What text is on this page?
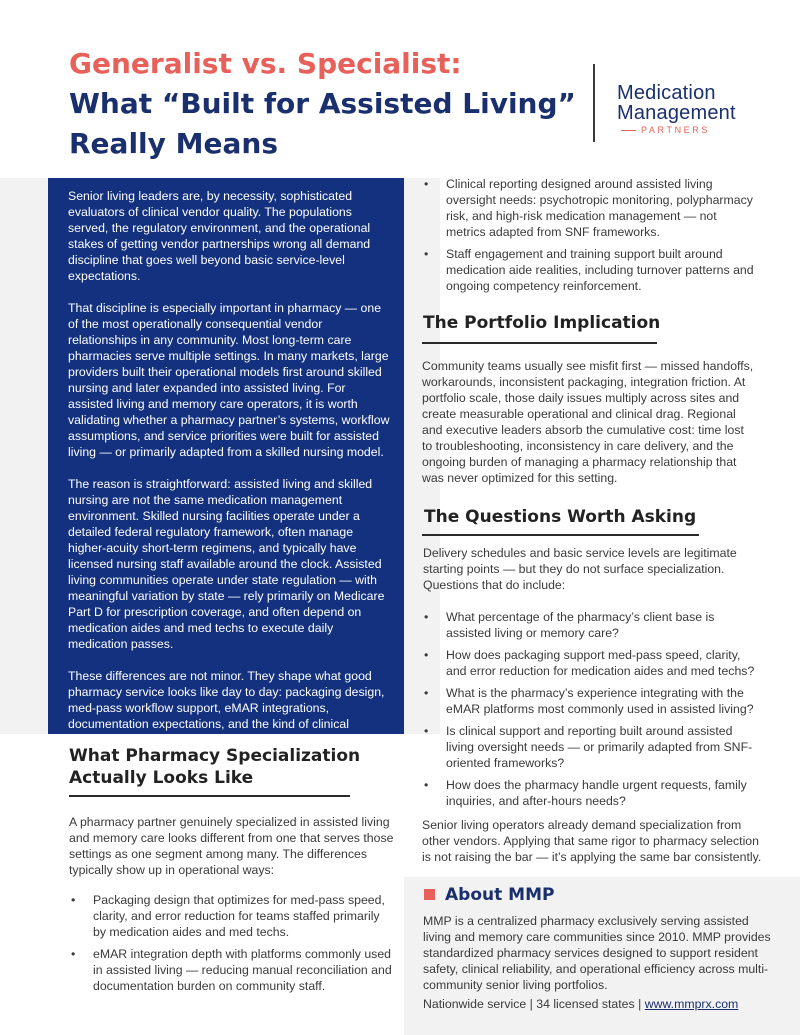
Generalist vs. Specialist:
What “Built for Assisted Living”
Really Means
Medication
Management
PARTNERS

Senior living leaders are, by necessity, sophisticated evaluators of clinical vendor quality. The populations served, the regulatory environment, and the operational stakes of getting vendor partnerships wrong all demand discipline that goes well beyond basic service-level expectations.

That discipline is especially important in pharmacy — one of the most operationally consequential vendor relationships in any community. Most long-term care pharmacies serve multiple settings. In many markets, large providers built their operational models first around skilled nursing and later expanded into assisted living. For assisted living and memory care operators, it is worth validating whether a pharmacy partner’s systems, workflow assumptions, and service priorities were built for assisted living — or primarily adapted from a skilled nursing model.

The reason is straightforward: assisted living and skilled nursing are not the same medication management environment. Skilled nursing facilities operate under a detailed federal regulatory framework, often manage higher-acuity short-term regimens, and typically have licensed nursing staff available around the clock. Assisted living communities operate under state regulation — with meaningful variation by state — rely primarily on Medicare Part D for prescription coverage, and often depend on medication aides and med techs to execute daily medication passes.

These differences are not minor. They shape what good pharmacy service looks like day to day: packaging design, med-pass workflow support, eMAR integrations, documentation expectations, and the kind of clinical oversight and reporting senior living leaders need.

What Pharmacy Specialization
Actually Looks Like

A pharmacy partner genuinely specialized in assisted living and memory care looks different from one that serves those settings as one segment among many. The differences typically show up in operational ways:

• Packaging design that optimizes for med-pass speed, clarity, and error reduction for teams staffed primarily by medication aides and med techs.
• eMAR integration depth with platforms commonly used in assisted living — reducing manual reconciliation and documentation burden on community staff.
• Clinical reporting designed around assisted living oversight needs: psychotropic monitoring, polypharmacy risk, and high-risk medication management — not metrics adapted from SNF frameworks.
• Staff engagement and training support built around medication aide realities, including turnover patterns and ongoing competency reinforcement.
The Portfolio Implication

Community teams usually see misfit first — missed handoffs, workarounds, inconsistent packaging, integration friction. At portfolio scale, those daily issues multiply across sites and create measurable operational and clinical drag. Regional and executive leaders absorb the cumulative cost: time lost to troubleshooting, inconsistency in care delivery, and the ongoing burden of managing a pharmacy relationship that was never optimized for this setting.

The Questions Worth Asking

Delivery schedules and basic service levels are legitimate starting points — but they do not surface specialization. Questions that do include:

• What percentage of the pharmacy’s client base is assisted living or memory care?
• How does packaging support med-pass speed, clarity, and error reduction for medication aides and med techs?
• What is the pharmacy’s experience integrating with the eMAR platforms most commonly used in assisted living?
• Is clinical support and reporting built around assisted living oversight needs — or primarily adapted from SNF-oriented frameworks?
• How does the pharmacy handle urgent requests, family inquiries, and after-hours needs?

Senior living operators already demand specialization from other vendors. Applying that same rigor to pharmacy selection is not raising the bar — it’s applying the same bar consistently.

About MMP

MMP is a centralized pharmacy exclusively serving assisted living and memory care communities since 2010. MMP provides standardized pharmacy services designed to support resident safety, clinical reliability, and operational efficiency across multi-community senior living portfolios.

Nationwide service | 34 licensed states | www.mmprx.com
